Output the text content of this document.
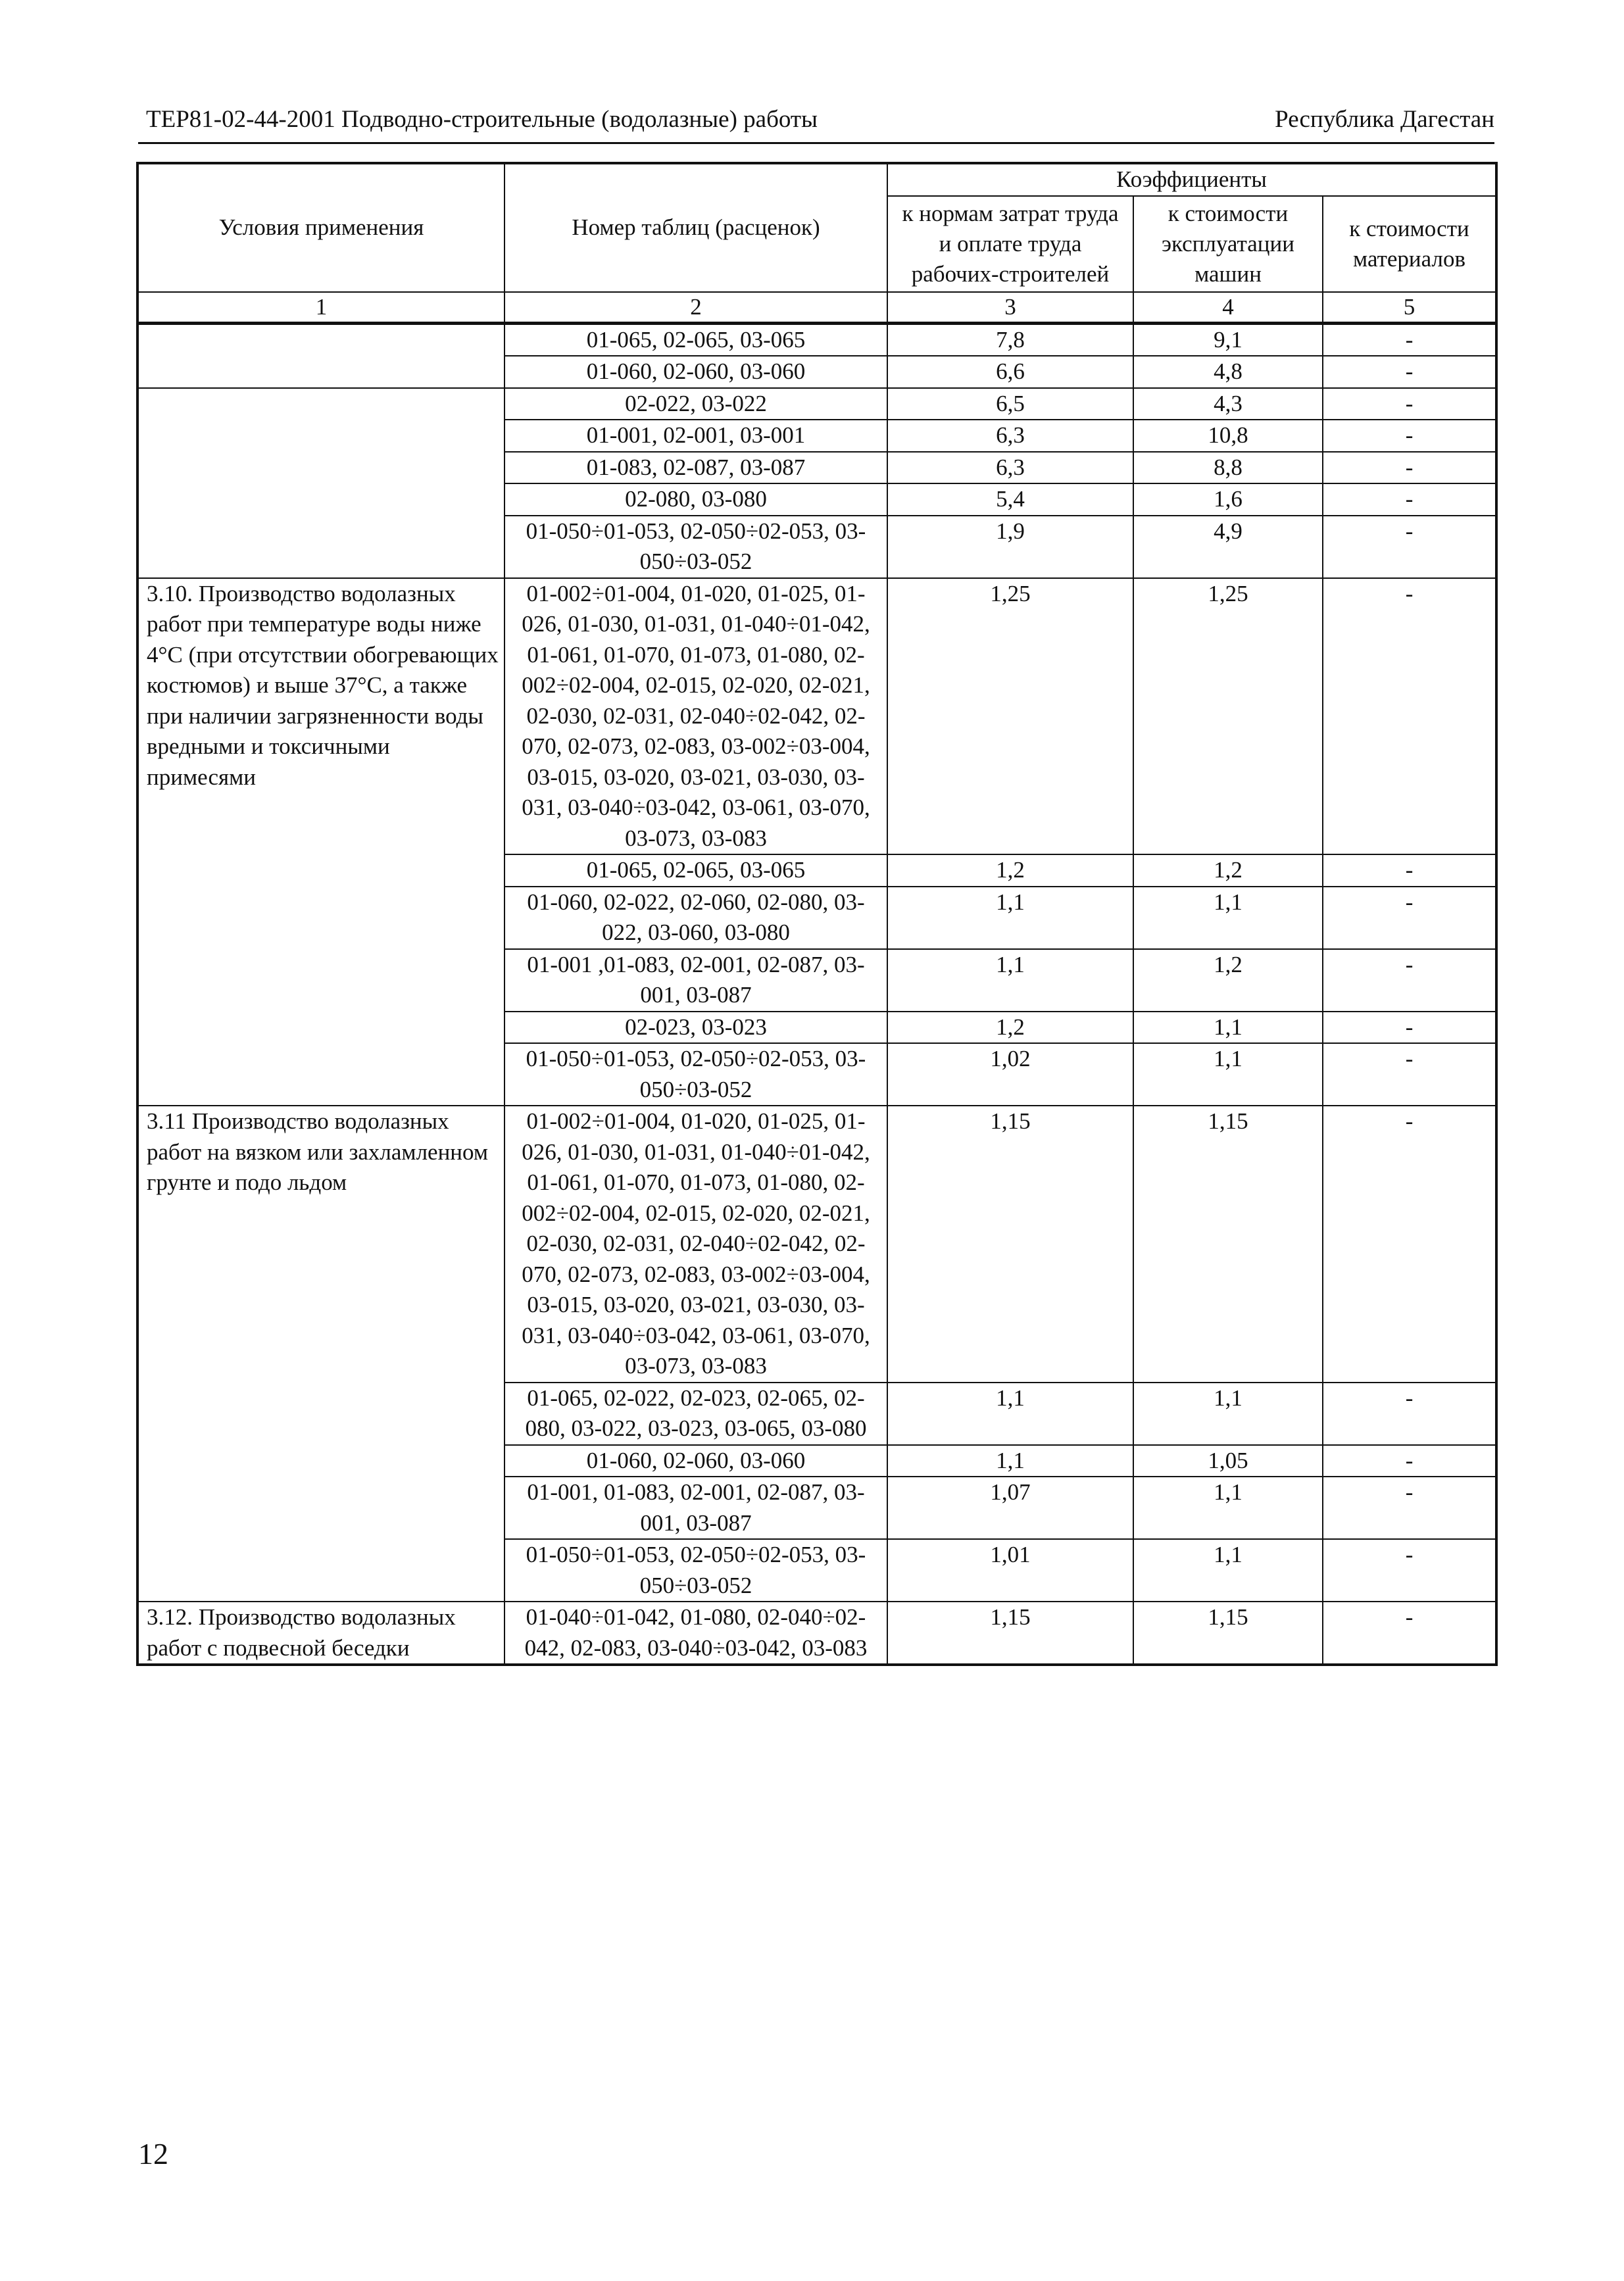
ТЕР81-02-44-2001 Подводно-строительные (водолазные) работы	Республика Дагестан
Условия применения	Номер таблиц (расценок)	Коэффициенты		
		к нормам затрат труда и оплате труда рабочих-строителей	к стоимости эксплуатации машин	к стоимости материалов
1	2	3	4	5
	01-065, 02-065, 03-065	7,8	9,1	-
	01-060, 02-060, 03-060	6,6	4,8	-
	02-022, 03-022	6,5	4,3	-
	01-001, 02-001, 03-001	6,3	10,8	-
	01-083, 02-087, 03-087	6,3	8,8	-
	02-080, 03-080	5,4	1,6	-
	01-050÷01-053, 02-050÷02-053, 03-050÷03-052	1,9	4,9	-
3.10. Производство водолазных работ при температуре воды ниже 4°С (при отсутствии обогревающих костюмов) и выше 37°С, а также при наличии загрязненности воды вредными и токсичными примесями	01-002÷01-004, 01-020, 01-025, 01-026, 01-030, 01-031, 01-040÷01-042, 01-061, 01-070, 01-073, 01-080, 02-002÷02-004, 02-015, 02-020, 02-021, 02-030, 02-031, 02-040÷02-042, 02-070, 02-073, 02-083, 03-002÷03-004, 03-015, 03-020, 03-021, 03-030, 03-031, 03-040÷03-042, 03-061, 03-070, 03-073, 03-083	1,25	1,25	-
	01-065, 02-065, 03-065	1,2	1,2	-
	01-060, 02-022, 02-060, 02-080, 03-022, 03-060, 03-080	1,1	1,1	-
	01-001 ,01-083, 02-001, 02-087, 03-001, 03-087	1,1	1,2	-
	02-023, 03-023	1,2	1,1	-
	01-050÷01-053, 02-050÷02-053, 03-050÷03-052	1,02	1,1	-
3.11 Производство водолазных работ на вязком или захламленном грунте и подо льдом	01-002÷01-004, 01-020, 01-025, 01-026, 01-030, 01-031, 01-040÷01-042, 01-061, 01-070, 01-073, 01-080, 02-002÷02-004, 02-015, 02-020, 02-021, 02-030, 02-031, 02-040÷02-042, 02-070, 02-073, 02-083, 03-002÷03-004, 03-015, 03-020, 03-021, 03-030, 03-031, 03-040÷03-042, 03-061, 03-070, 03-073, 03-083	1,15	1,15	-
	01-065, 02-022, 02-023, 02-065, 02-080, 03-022, 03-023, 03-065, 03-080	1,1	1,1	-
	01-060, 02-060, 03-060	1,1	1,05	-
	01-001, 01-083, 02-001, 02-087, 03-001, 03-087	1,07	1,1	-
	01-050÷01-053, 02-050÷02-053, 03-050÷03-052	1,01	1,1	-
3.12. Производство водолазных работ с подвесной беседки	01-040÷01-042, 01-080, 02-040÷02-042, 02-083, 03-040÷03-042, 03-083	1,15	1,15	-
12
